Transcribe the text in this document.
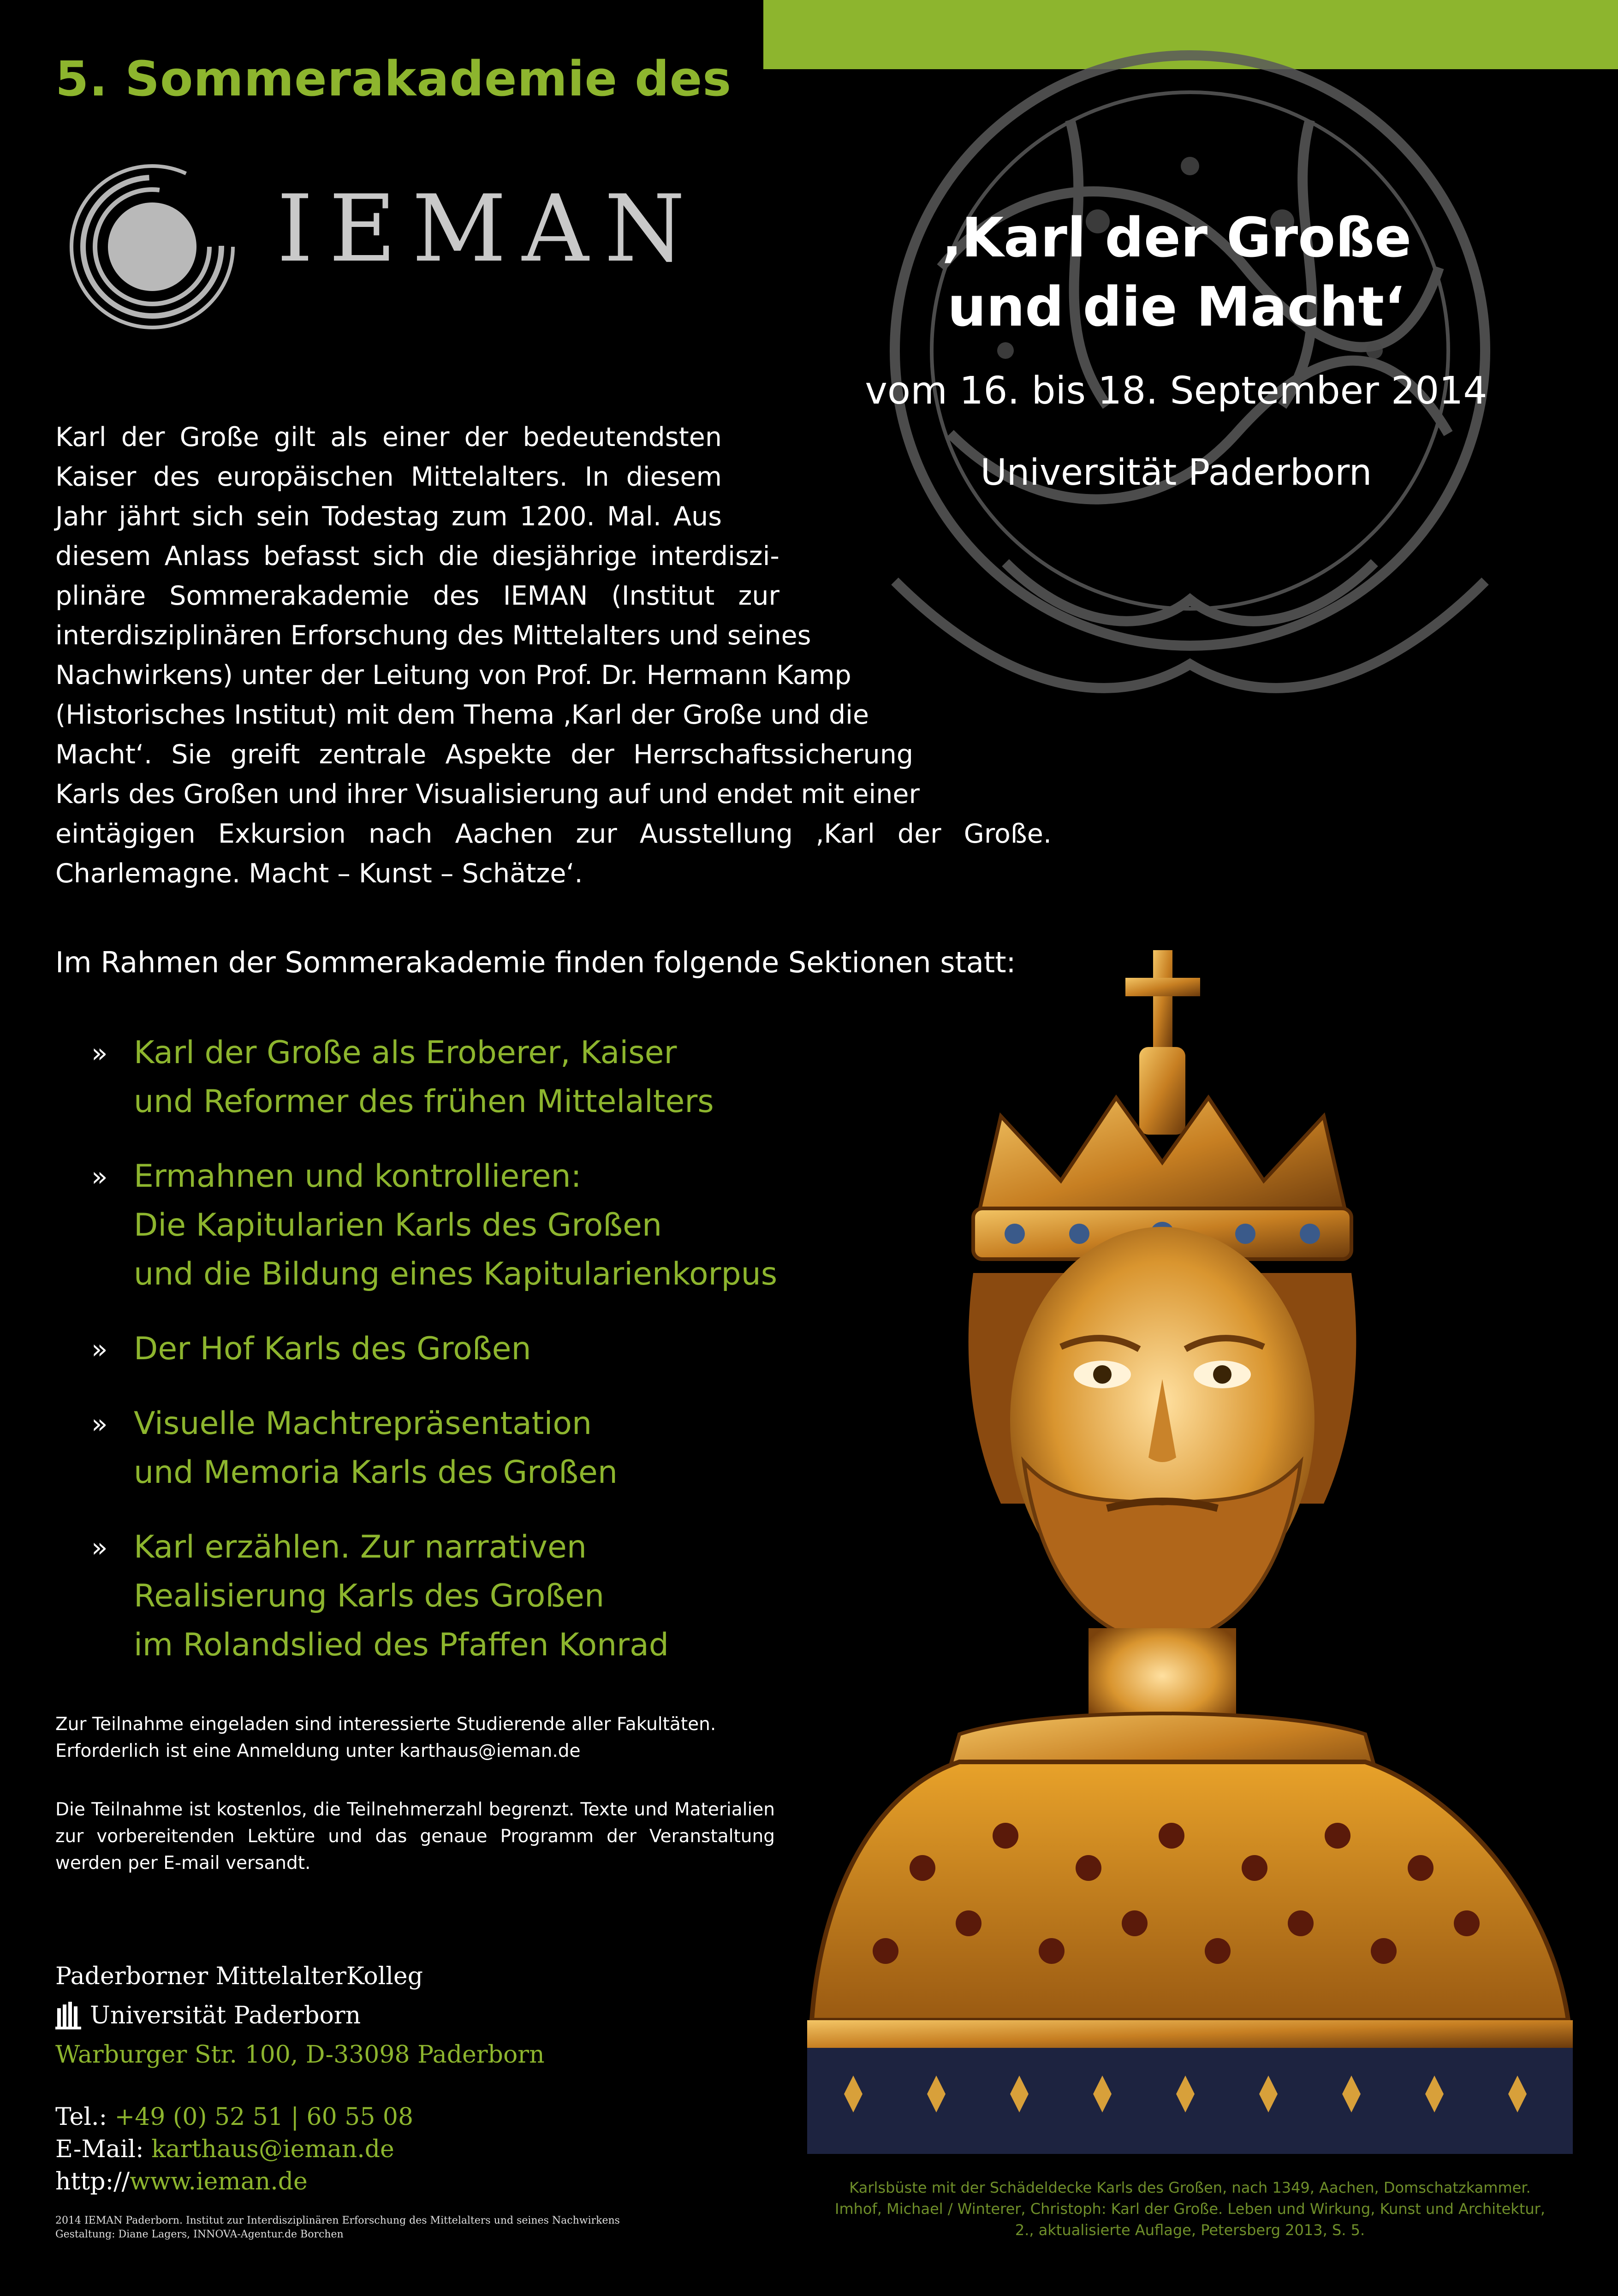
5. Sommerakademie des
IEMAN	‚Karl der Große
und die Macht‘
vom 16. bis 18. September 2014
Universität Paderborn
Karl der Große gilt als einer der bedeutendsten
Kaiser des europäischen Mittelalters. In diesem
Jahr jährt sich sein Todestag zum 1200. Mal. Aus
diesem Anlass befasst sich die diesjährige interdiszi-
plinäre Sommerakademie des IEMAN (Institut zur
interdisziplinären Erforschung des Mittelalters und seines
Nachwirkens) unter der Leitung von Prof. Dr. Hermann Kamp
(Historisches Institut) mit dem Thema ‚Karl der Große und die
Macht‘. Sie greift zentrale Aspekte der Herrschaftssicherung
Karls des Großen und ihrer Visualisierung auf und endet mit einer
eintägigen Exkursion nach Aachen zur Ausstellung ‚Karl der Große.
Charlemagne. Macht – Kunst – Schätze‘.
Im Rahmen der Sommerakademie finden folgende Sektionen statt:
» Karl der Große als Eroberer, Kaiser
und Reformer des frühen Mittelalters
» Ermahnen und kontrollieren:
Die Kapitularien Karls des Großen
und die Bildung eines Kapitularienkorpus
» Der Hof Karls des Großen
» Visuelle Machtrepräsentation
und Memoria Karls des Großen
» Karl erzählen. Zur narrativen
Realisierung Karls des Großen
im Rolandslied des Pfaffen Konrad
Zur Teilnahme eingeladen sind interessierte Studierende aller Fakultäten.
Erforderlich ist eine Anmeldung unter karthaus@ieman.de
Die Teilnahme ist kostenlos, die Teilnehmerzahl begrenzt. Texte und Materialien
zur vorbereitenden Lektüre und das genaue Programm der Veranstaltung
werden per E-mail versandt.
Paderborner MittelalterKolleg
Universität Paderborn
Warburger Str. 100, D-33098 Paderborn
Tel.: +49 (0) 52 51 | 60 55 08
E-Mail: karthaus@ieman.de
http://www.ieman.de
2014 IEMAN Paderborn. Institut zur Interdisziplinären Erforschung des Mittelalters und seines Nachwirkens
Gestaltung: Diane Lagers, INNOVA-Agentur.de Borchen
Karlsbüste mit der Schädeldecke Karls des Großen, nach 1349, Aachen, Domschatzkammer.
Imhof, Michael / Winterer, Christoph: Karl der Große. Leben und Wirkung, Kunst und Architektur,
2., aktualisierte Auflage, Petersberg 2013, S. 5.
